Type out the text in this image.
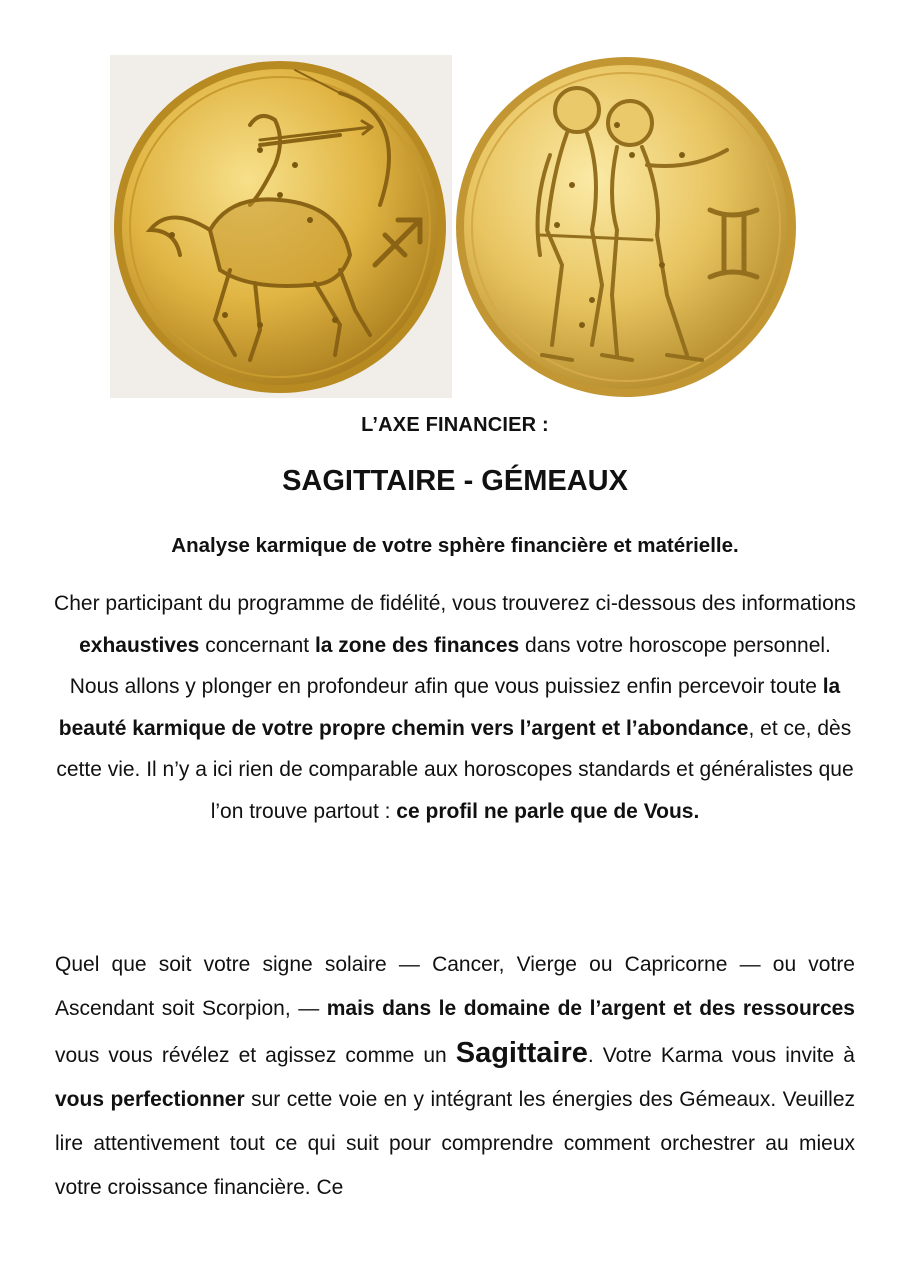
L’AXE FINANCIER :
SAGITTAIRE - GÉMEAUX
Analyse karmique de votre sphère financière et matérielle.
Cher participant du programme de fidélité, vous trouverez ci-dessous des informations exhaustives concernant la zone des finances dans votre horoscope personnel. Nous allons y plonger en profondeur afin que vous puissiez enfin percevoir toute la beauté karmique de votre propre chemin vers l’argent et l’abondance, et ce, dès cette vie. Il n’y a ici rien de comparable aux horoscopes standards et généralistes que l’on trouve partout : ce profil ne parle que de Vous.
Quel que soit votre signe solaire — Cancer, Vierge ou Capricorne — ou votre Ascendant soit Scorpion, — mais dans le domaine de l’argent et des ressources vous vous révélez et agissez comme un Sagittaire. Votre Karma vous invite à vous perfectionner sur cette voie en y intégrant les énergies des Gémeaux. Veuillez lire attentivement tout ce qui suit pour comprendre comment orchestrer au mieux votre croissance financière. Ce
